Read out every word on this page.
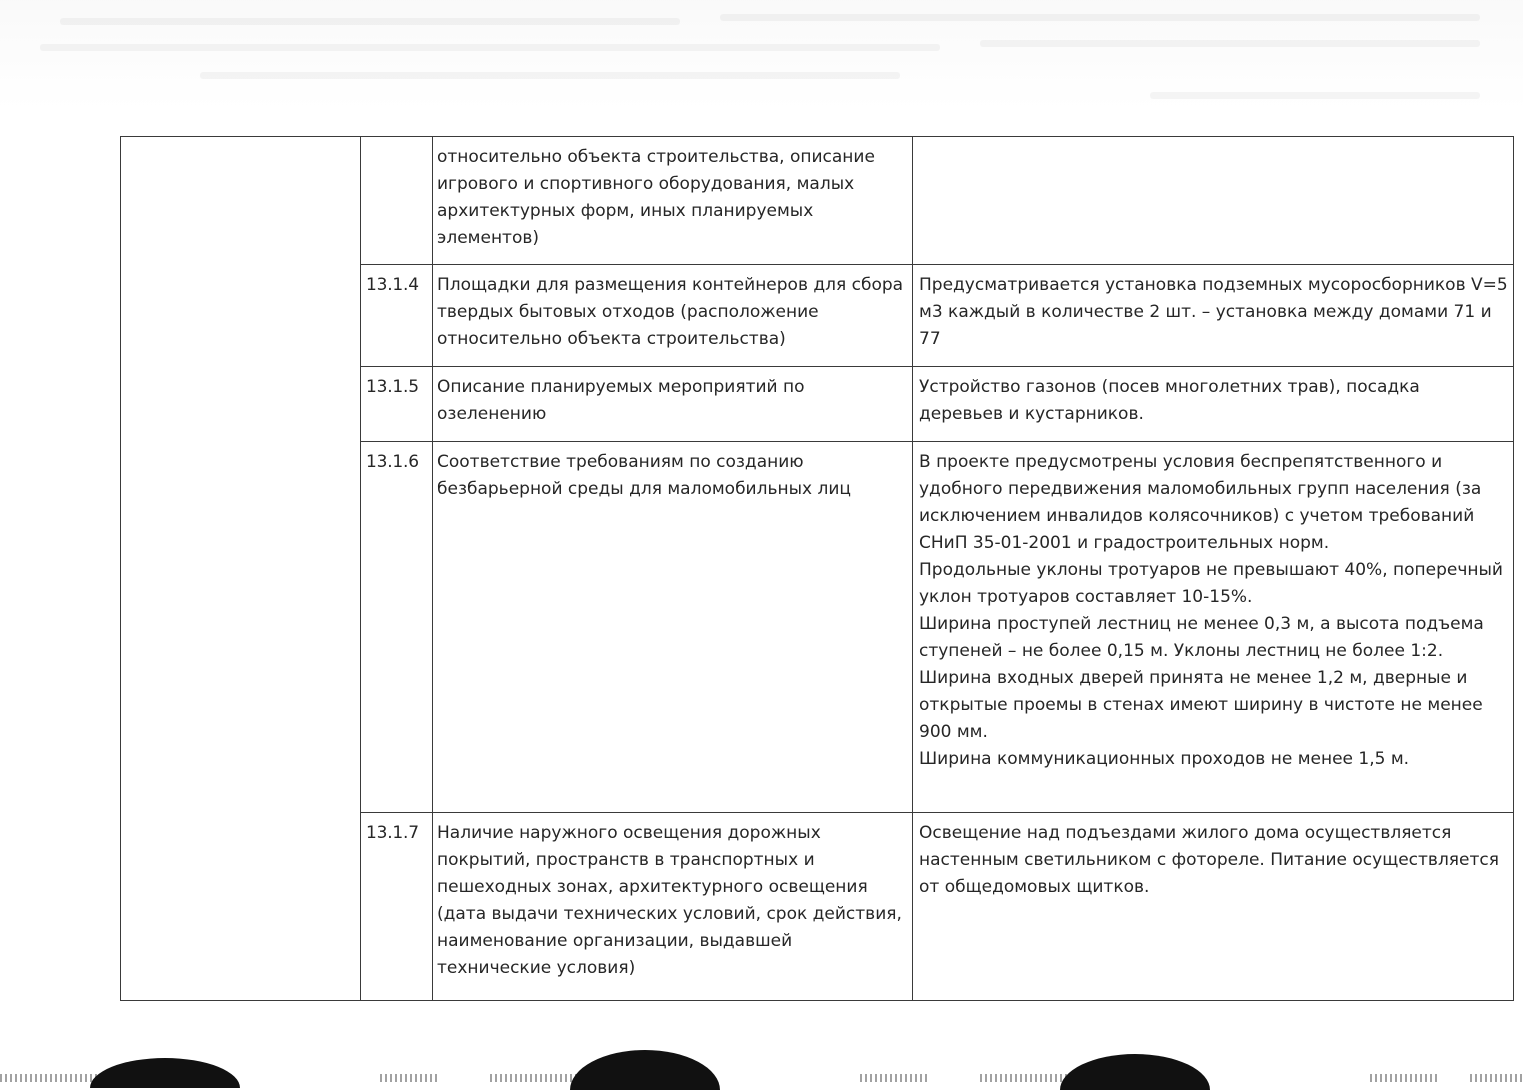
		относительно объекта строительства, описание игрового и спортивного оборудования, малых архитектурных форм, иных планируемых элементов)	
	13.1.4	Площадки для размещения контейнеров для сбора твердых бытовых отходов (расположение относительно объекта строительства)	Предусматривается установка подземных мусоросборников V=5 м3 каждый в количестве 2 шт. – установка между домами 71 и 77

	13.1.5	Описание планируемых мероприятий по озеленению	Устройство газонов (посев многолетних трав), посадка деревьев и кустарников.

	13.1.6	Соответствие требованиям по созданию безбарьерной среды для маломобильных лиц	В проекте предусмотрены условия беспрепятственного и удобного передвижения маломобильных групп населения (за исключением инвалидов колясочников) с учетом требований СНиП 35-01-2001 и градостроительных норм.
Продольные уклоны тротуаров не превышают 40%, поперечный уклон тротуаров составляет 10-15%.
Ширина проступей лестниц не менее 0,3 м, а высота подъема ступеней – не более 0,15 м. Уклоны лестниц не более 1:2.
Ширина входных дверей принята не менее 1,2 м, дверные и открытые проемы в стенах имеют ширину в чистоте не менее 900 мм.
Ширина коммуникационных проходов не менее 1,5 м.

	13.1.7	Наличие наружного освещения дорожных покрытий, пространств в транспортных и пешеходных зонах, архитектурного освещения (дата выдачи технических условий, срок действия, наименование организации, выдавшей технические условия)	Освещение над подъездами жилого дома осуществляется настенным светильником с фотореле. Питание осуществляется от общедомовых щитков.
